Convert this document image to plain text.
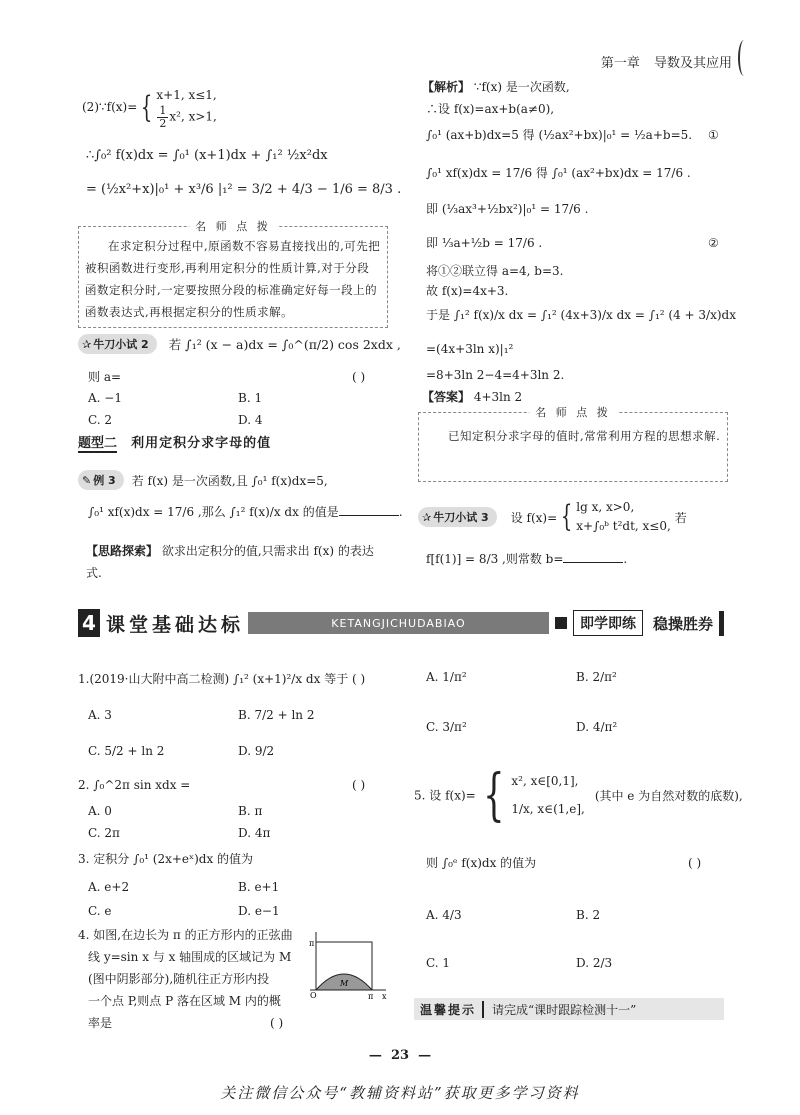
第一章 导数及其应用
(2)∵f(x)= { x+1, x≤1,

$\frac{1}{2} x^2$, x>1,
∴∫₀² f(x)dx = ∫₀¹ (x+1)dx + ∫₁² ½x²dx
= (½x²+x)|₀¹ + x³/6 |₁² = 3/2 + 4/3 − 1/6 = 8/3 .
名 师 点 拨

在求定积分过程中,原函数不容易直接找出的,可先把被积函数进行变形,再利用定积分的性质计算,对于分段函数定积分时,一定要按照分段的标准确定好每一段上的函数表达式,再根据定积分的性质求解。

✰ 牛刀小试 2 若 ∫₁² (x − a)dx = ∫₀^(π/2) cos 2xdx ,
则 a=	( )
A. −1	B. 1
C. 2	D. 4
题型二 利用定积分求字母的值
✎ 例 3 若 f(x) 是一次函数,且 ∫₀¹ f(x)dx=5,
∫₀¹ xf(x)dx = 17/6 ,那么 ∫₁² f(x)/x dx 的值是	.
【思路探索】 欲求出定积分的值,只需求出 f(x) 的表达式.
【解析】 ∵f(x) 是一次函数,
∴设 f(x)=ax+b(a≠0),
∫₀¹ (ax+b)dx=5 得 (½ax²+bx)|₀¹ = ½a+b=5. ①
∫₀¹ xf(x)dx = 17/6 得 ∫₀¹ (ax²+bx)dx = 17/6 .
即 (⅓ax³+½bx²)|₀¹ = 17/6 .
即 ⅓a+½b = 17/6 .	②
将①②联立得 a=4, b=3.
故 f(x)=4x+3.
于是 ∫₁² f(x)/x dx = ∫₁² (4x+3)/x dx = ∫₁² (4 + 3/x)dx
=(4x+3ln x)|₁²
=8+3ln 2−4=4+3ln 2.
【答案】 4+3ln 2
名 师 点 拨

已知定积分求字母的值时,常常利用方程的思想求解.

✰ 牛刀小试 3 设 f(x)= { lg x, x>0,
x+∫₀ᵇ t²dt, x≤0,
若
f[f(1)] = 8/3 ,则常数 b=	.
4 课堂基础达标	KETANGJICHUDABIAO	即学即练	稳操胜券
1.(2019·山大附中高二检测) ∫₁² (x+1)²/x dx 等于 ( )
A. 3	B. 7/2 + ln 2
C. 5/2 + ln 2	D. 9/2
2. ∫₀^2π sin xdx =	( )
A. 0	B. π
C. 2π	D. 4π
3. 定积分 ∫₀¹ (2x+eˣ)dx 的值为
A. e+2	B. e+1
C. e	D. e−1
4. 如图,在边长为 π 的正方形内的正弦曲
线 y=sin x 与 x 轴围成的区域记为 M
(图中阴影部分),随机往正方形内投
一个点 P,则点 P 落在区域 M 内的概
率是	( )
π
O	π x
M
A. 1/π²	B. 2/π²
C. 3/π²	D. 4/π²
5. 设 f(x)= { x², x∈[0,1],
1/x, x∈(1,e],(其中 e 为自然对数的底数),
则 ∫₀ᵉ f(x)dx 的值为	( )
A. 4/3	B. 2
C. 1	D. 2/3
温馨提示	请完成“课时跟踪检测十一”
—  23  —
关注微信公众号“教辅资料站”获取更多学习资料
